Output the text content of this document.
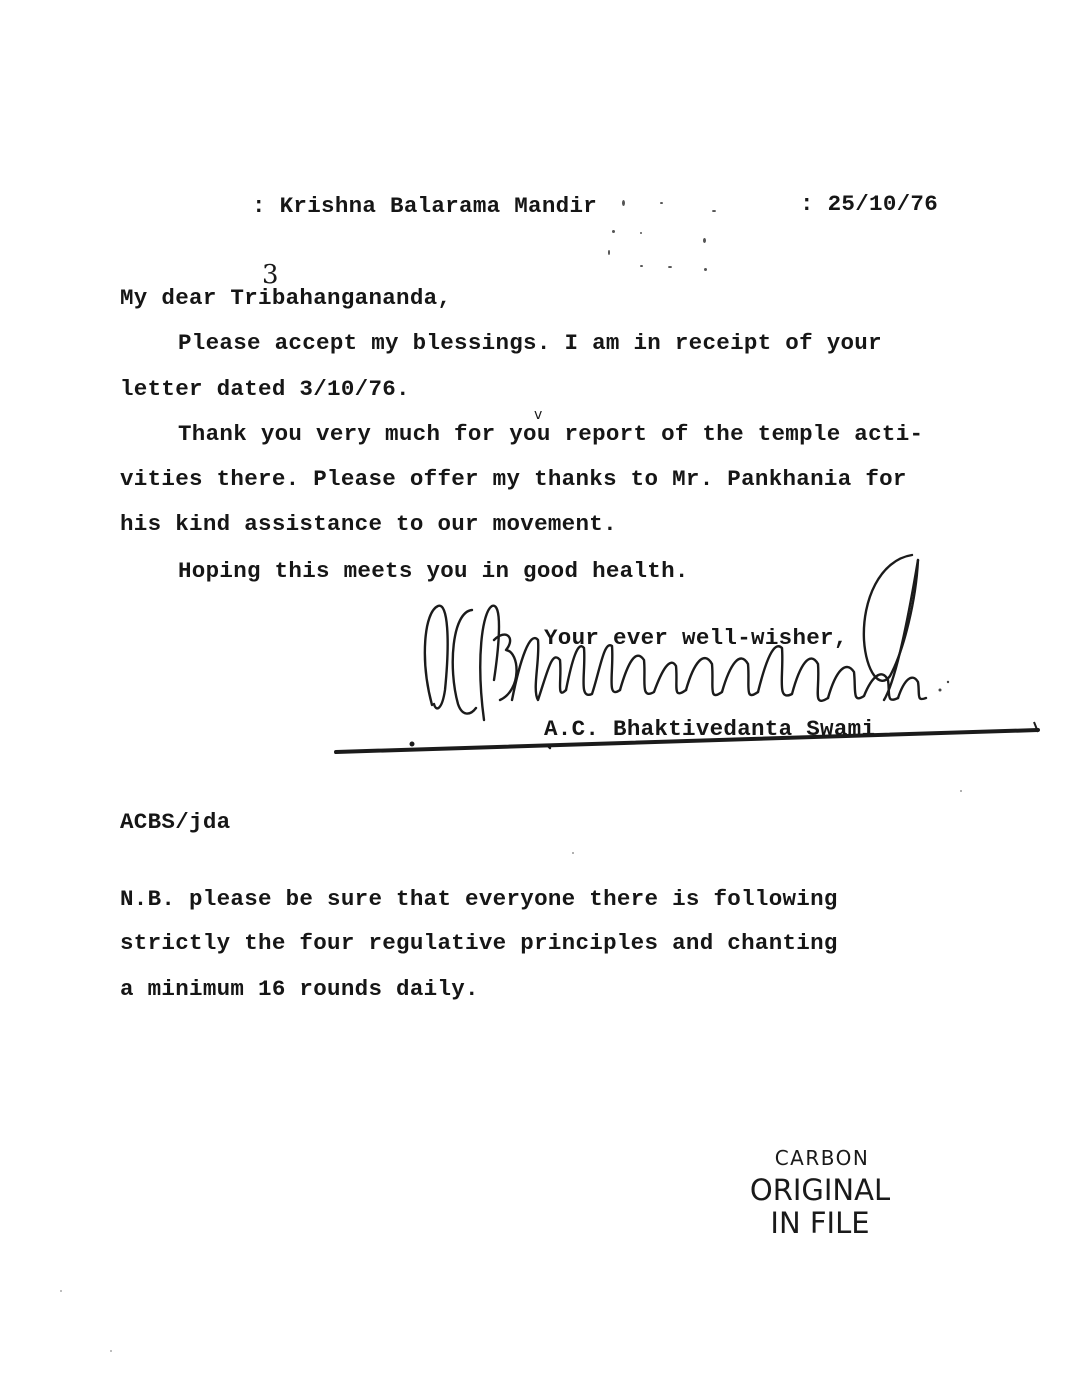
: Krishna Balarama Mandir	: 25/10/76
My dear Tribahangananda,
3
Please accept my blessings. I am in receipt of your
letter dated 3/10/76.
v
Thank you very much for you report of the temple acti-
vities there. Please offer my thanks to Mr. Pankhania for
his kind assistance to our movement.
Hoping this meets you in good health.
Your ever well-wisher,
A.C. Bhaktivedanta Swami
ACBS/jda
N.B. please be sure that everyone there is following
strictly the four regulative principles and chanting
a minimum 16 rounds daily.
CARBON
ORIGINAL
IN FILE
